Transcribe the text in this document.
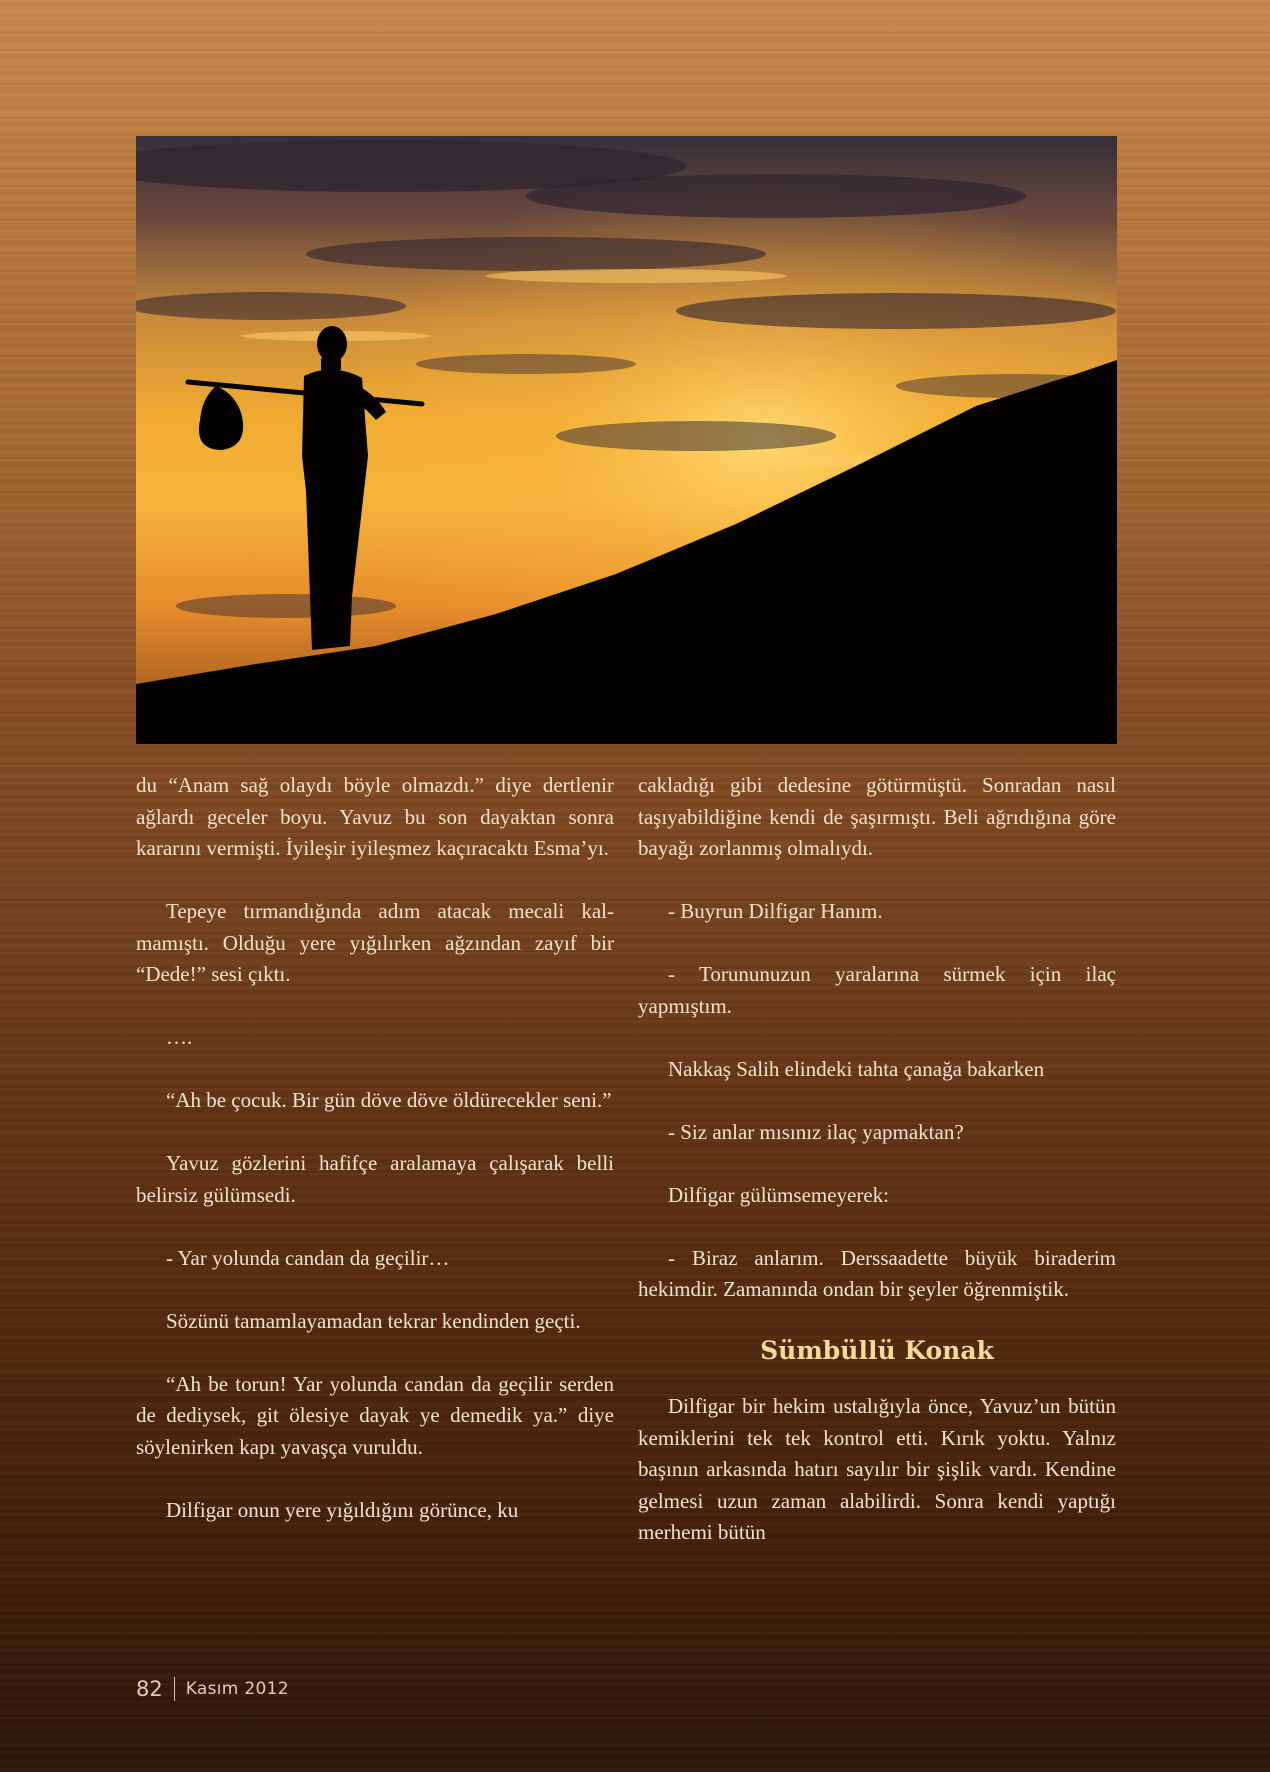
du “Anam sağ olaydı böyle olmazdı.” diye dertlenir ağlardı geceler boyu. Yavuz bu son dayaktan sonra kararını vermişti. İyileşir iyileşmez kaçıracaktı Esma’yı.

Tepeye tırmandığında adım atacak mecali kalmamıştı. Olduğu yere yığılırken ağzından zayıf bir “Dede!” sesi çıktı.

….

“Ah be çocuk. Bir gün döve döve öldürecekler seni.”

Yavuz gözlerini hafifçe aralamaya çalışarak belli belirsiz gülümsedi.

- Yar yolunda candan da geçilir…

Sözünü tamamlayamadan tekrar kendinden geçti.

“Ah be torun! Yar yolunda candan da geçilir serden de dediysek, git ölesiye dayak ye demedik ya.” diye söylenirken kapı yavaşça vuruldu.

Dilfigar onun yere yığıldığını görünce, ku

cakladığı gibi dedesine götürmüştü. Sonradan nasıl taşıyabildiğine kendi de şaşırmıştı. Beli ağrıdığına göre bayağı zorlanmış olmalıydı.

- Buyrun Dilfigar Hanım.

- Torununuzun yaralarına sürmek için ilaç yapmıştım.

Nakkaş Salih elindeki tahta çanağa bakarken

- Siz anlar mısınız ilaç yapmaktan?

Dilfigar gülümsemeyerek:

- Biraz anlarım. Derssaadette büyük biraderim hekimdir. Zamanında ondan bir şeyler öğrenmiştik.

Sümbüllü Konak

Dilfigar bir hekim ustalığıyla önce, Yavuz’un bütün kemiklerini tek tek kontrol etti. Kırık yoktu. Yalnız başının arkasında hatırı sayılır bir şişlik vardı. Kendine gelmesi uzun zaman alabilirdi. Sonra kendi yaptığı merhemi bütün

82 Kasım 2012
